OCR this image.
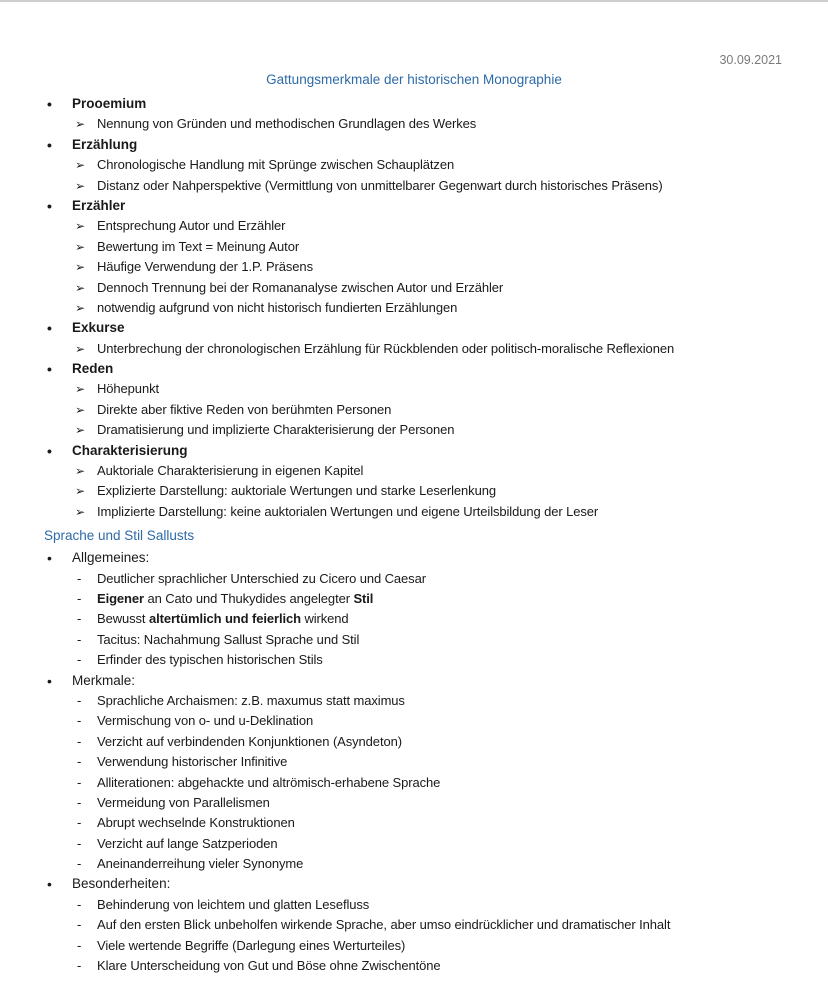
30.09.2021
Gattungsmerkmale der historischen Monographie
• Prooemium
➢ Nennung von Gründen und methodischen Grundlagen des Werkes
• Erzählung
➢ Chronologische Handlung mit Sprünge zwischen Schauplätzen
➢ Distanz oder Nahperspektive (Vermittlung von unmittelbarer Gegenwart durch historisches Präsens)
• Erzähler
➢ Entsprechung Autor und Erzähler
➢ Bewertung im Text = Meinung Autor
➢ Häufige Verwendung der 1.P. Präsens
➢ Dennoch Trennung bei der Romananalyse zwischen Autor und Erzähler
➢ notwendig aufgrund von nicht historisch fundierten Erzählungen
• Exkurse
➢ Unterbrechung der chronologischen Erzählung für Rückblenden oder politisch-moralische Reflexionen
• Reden
➢ Höhepunkt
➢ Direkte aber fiktive Reden von berühmten Personen
➢ Dramatisierung und implizierte Charakterisierung der Personen
• Charakterisierung
➢ Auktoriale Charakterisierung in eigenen Kapitel
➢ Explizierte Darstellung: auktoriale Wertungen und starke Leserlenkung
➢ Implizierte Darstellung: keine auktorialen Wertungen und eigene Urteilsbildung der Leser
Sprache und Stil Sallusts
• Allgemeines:
- Deutlicher sprachlicher Unterschied zu Cicero und Caesar
- Eigener an Cato und Thukydides angelegter Stil
- Bewusst altertümlich und feierlich wirkend
- Tacitus: Nachahmung Sallust Sprache und Stil
- Erfinder des typischen historischen Stils
• Merkmale:
- Sprachliche Archaismen: z.B. maxumus statt maximus
- Vermischung von o- und u-Deklination
- Verzicht auf verbindenden Konjunktionen (Asyndeton)
- Verwendung historischer Infinitive
- Alliterationen: abgehackte und altrömisch-erhabene Sprache
- Vermeidung von Parallelismen
- Abrupt wechselnde Konstruktionen
- Verzicht auf lange Satzperioden
- Aneinanderreihung vieler Synonyme
• Besonderheiten:
- Behinderung von leichtem und glatten Lesefluss
- Auf den ersten Blick unbeholfen wirkende Sprache, aber umso eindrücklicher und dramatischer Inhalt
- Viele wertende Begriffe (Darlegung eines Werturteiles)
- Klare Unterscheidung von Gut und Böse ohne Zwischentöne
